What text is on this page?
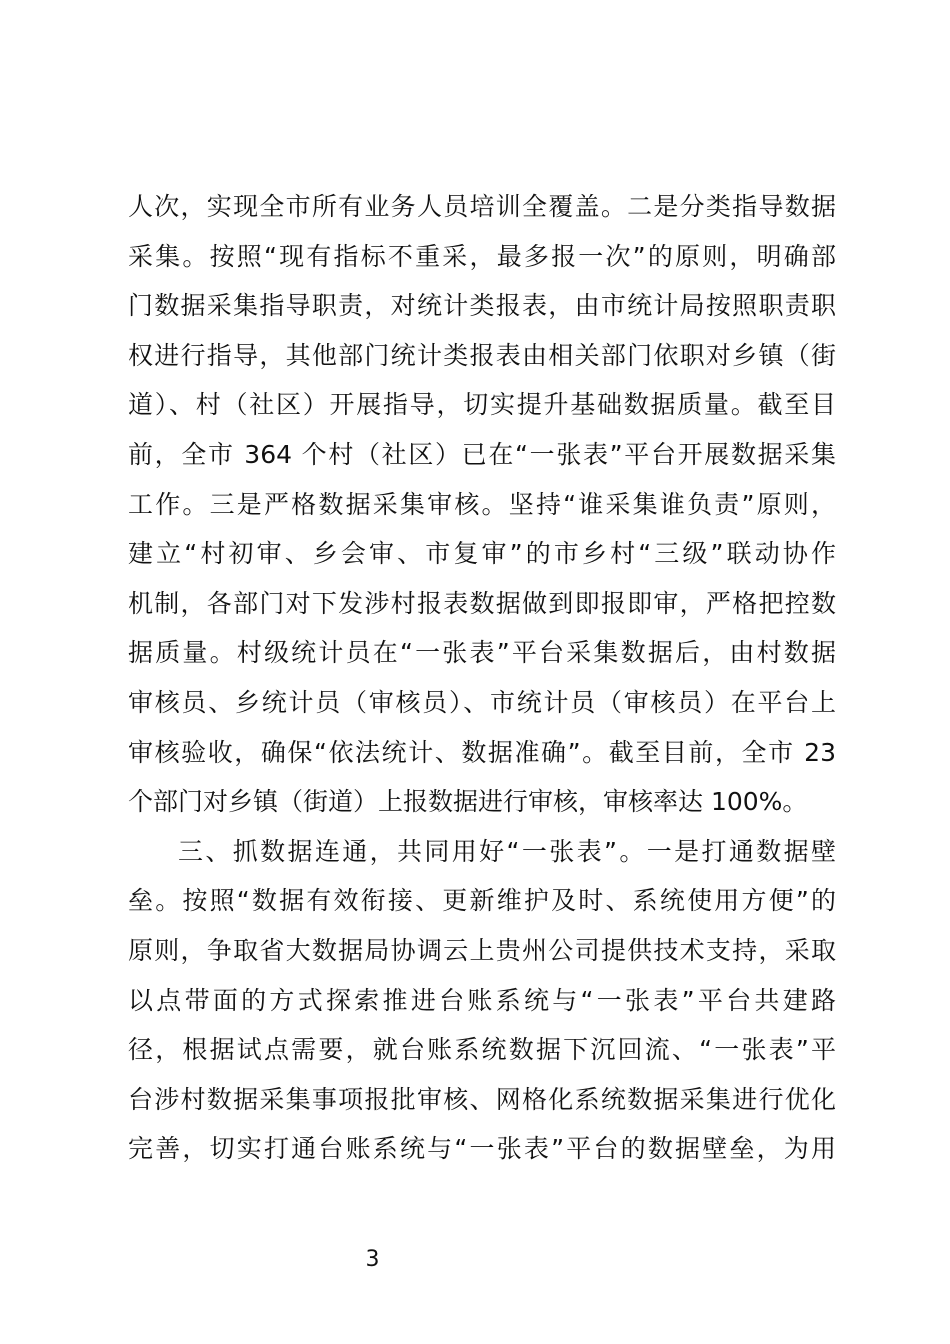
人次，实现全市所有业务人员培训全覆盖。二是分类指导数据
采集。按照“现有指标不重采，最多报一次”的原则，明确部
门数据采集指导职责，对统计类报表，由市统计局按照职责职
权进行指导，其他部门统计类报表由相关部门依职对乡镇（街
道）、村（社区）开展指导，切实提升基础数据质量。截至目
前，全市 364 个村（社区）已在“一张表”平台开展数据采集
工作。三是严格数据采集审核。坚持“谁采集谁负责”原则，
建立“村初审、乡会审、市复审”的市乡村“三级”联动协作
机制，各部门对下发涉村报表数据做到即报即审，严格把控数
据质量。村级统计员在“一张表”平台采集数据后，由村数据
审核员、乡统计员（审核员）、市统计员（审核员）在平台上
审核验收，确保“依法统计、数据准确”。截至目前，全市 23
个部门对乡镇（街道）上报数据进行审核，审核率达 100%。
三、抓数据连通，共同用好“一张表”。一是打通数据壁
垒。按照“数据有效衔接、更新维护及时、系统使用方便”的
原则，争取省大数据局协调云上贵州公司提供技术支持，采取
以点带面的方式探索推进台账系统与“一张表”平台共建路
径，根据试点需要，就台账系统数据下沉回流、“一张表”平
台涉村数据采集事项报批审核、网格化系统数据采集进行优化
完善，切实打通台账系统与“一张表”平台的数据壁垒，为用
3
